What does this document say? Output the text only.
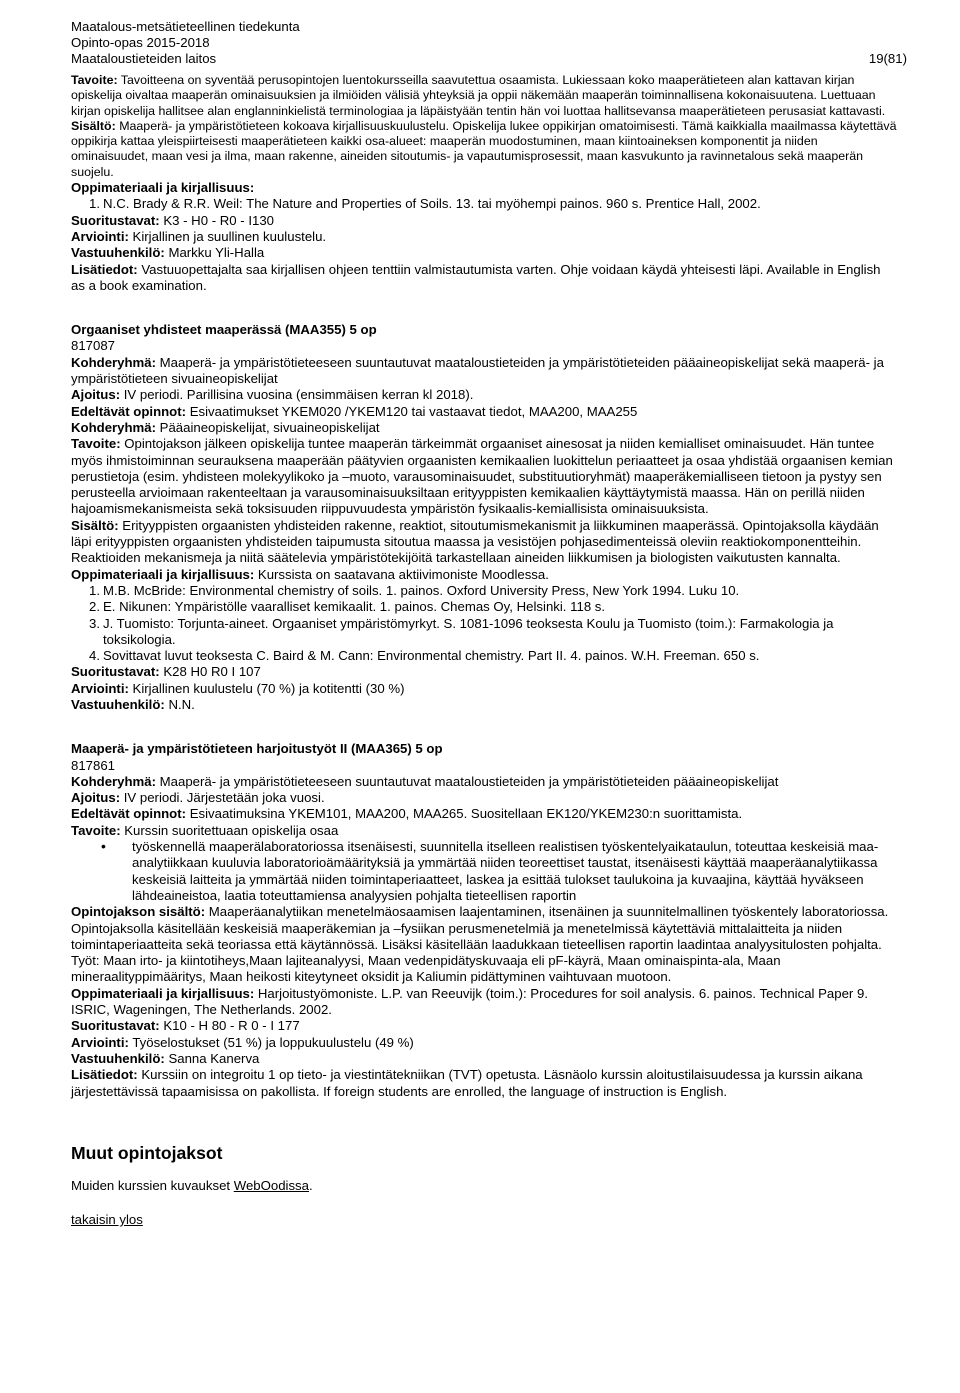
Maatalous-metsätieteellinen tiedekunta
Opinto-opas 2015-2018
Maataloustieteiden laitos	19(81)

Tavoite: Tavoitteena on syventää perusopintojen luentokursseilla saavutettua osaamista. Lukiessaan koko maaperätieteen alan kattavan kirjan opiskelija oivaltaa maaperän ominaisuuksien ja ilmiöiden välisiä yhteyksiä ja oppii näkemään maaperän toiminnallisena kokonaisuutena. Luettuaan kirjan opiskelija hallitsee alan englanninkielistä terminologiaa ja läpäistyään tentin hän voi luottaa hallitsevansa maaperätieteen perusasiat kattavasti.

Sisältö: Maaperä- ja ympäristötieteen kokoava kirjallisuuskuulustelu. Opiskelija lukee oppikirjan omatoimisesti. Tämä kaikkialla maailmassa käytettävä oppikirja kattaa yleispiirteisesti maaperätieteen kaikki osa-alueet: maaperän muodostuminen, maan kiintoaineksen komponentit ja niiden ominaisuudet, maan vesi ja ilma, maan rakenne, aineiden sitoutumis- ja vapautumisprosessit, maan kasvukunto ja ravinnetalous sekä maaperän suojelu.

Oppimateriaali ja kirjallisuus:

1. N.C. Brady & R.R. Weil: The Nature and Properties of Soils. 13. tai myöhempi painos. 960 s. Prentice Hall, 2002.

Suoritustavat: K3 - H0 - R0 - I130

Arviointi: Kirjallinen ja suullinen kuulustelu.

Vastuuhenkilö: Markku Yli-Halla

Lisätiedot: Vastuuopettajalta saa kirjallisen ohjeen tenttiin valmistautumista varten. Ohje voidaan käydä yhteisesti läpi. Available in English as a book examination.

Orgaaniset yhdisteet maaperässä (MAA355) 5 op

817087

Kohderyhmä: Maaperä- ja ympäristötieteeseen suuntautuvat maataloustieteiden ja ympäristötieteiden pääaineopiskelijat sekä maaperä- ja ympäristötieteen sivuaineopiskelijat

Ajoitus: IV periodi. Parillisina vuosina (ensimmäisen kerran kl 2018).

Edeltävät opinnot: Esivaatimukset YKEM020 /YKEM120 tai vastaavat tiedot, MAA200, MAA255

Kohderyhmä: Pääaineopiskelijat, sivuaineopiskelijat

Tavoite: Opintojakson jälkeen opiskelija tuntee maaperän tärkeimmät orgaaniset ainesosat ja niiden kemialliset ominaisuudet. Hän tuntee myös ihmistoiminnan seurauksena maaperään päätyvien orgaanisten kemikaalien luokittelun periaatteet ja osaa yhdistää orgaanisen kemian perustietoja (esim. yhdisteen molekyylikoko ja –muoto, varausominaisuudet, substituutioryhmät) maaperäkemialliseen tietoon ja pystyy sen perusteella arvioimaan rakenteeltaan ja varausominaisuuksiltaan erityyppisten kemikaalien käyttäytymistä maassa. Hän on perillä niiden hajoamismekanismeista sekä toksisuuden riippuvuudesta ympäristön fysikaalis-kemiallisista ominaisuuksista.

Sisältö: Erityyppisten orgaanisten yhdisteiden rakenne, reaktiot, sitoutumismekanismit ja liikkuminen maaperässä. Opintojaksolla käydään läpi erityyppisten orgaanisten yhdisteiden taipumusta sitoutua maassa ja vesistöjen pohjasedimenteissä oleviin reaktiokomponentteihin. Reaktioiden mekanismeja ja niitä säätelevia ympäristötekijöitä tarkastellaan aineiden liikkumisen ja biologisten vaikutusten kannalta.

Oppimateriaali ja kirjallisuus: Kurssista on saatavana aktiivimoniste Moodlessa.

1. M.B. McBride: Environmental chemistry of soils. 1. painos. Oxford University Press, New York 1994. Luku 10.
2. E. Nikunen: Ympäristölle vaaralliset kemikaalit. 1. painos. Chemas Oy, Helsinki. 118 s.
3. J. Tuomisto: Torjunta-aineet. Orgaaniset ympäristömyrkyt. S. 1081-1096 teoksesta Koulu ja Tuomisto (toim.): Farmakologia ja toksikologia.
4. Sovittavat luvut teoksesta C. Baird & M. Cann: Environmental chemistry. Part II. 4. painos. W.H. Freeman. 650 s.

Suoritustavat: K28 H0 R0 I 107

Arviointi: Kirjallinen kuulustelu (70 %) ja kotitentti (30 %)

Vastuuhenkilö: N.N.

Maaperä- ja ympäristötieteen harjoitustyöt II (MAA365) 5 op

817861

Kohderyhmä: Maaperä- ja ympäristötieteeseen suuntautuvat maataloustieteiden ja ympäristötieteiden pääaineopiskelijat

Ajoitus: IV periodi. Järjestetään joka vuosi.

Edeltävät opinnot: Esivaatimuksina YKEM101, MAA200, MAA265. Suositellaan EK120/YKEM230:n suorittamista.

Tavoite: Kurssin suoritettuaan opiskelija osaa

• työskennellä maaperälaboratoriossa itsenäisesti, suunnitella itselleen realistisen työskentelyaikataulun, toteuttaa keskeisiä maa-analytiikkaan kuuluvia laboratorioämäärityksiä ja ymmärtää niiden teoreettiset taustat, itsenäisesti käyttää maaperäanalytiikassa keskeisiä laitteita ja ymmärtää niiden toimintaperiaatteet, laskea ja esittää tulokset taulukoina ja kuvaajina, käyttää hyväkseen lähdeaineistoa, laatia toteuttamiensa analyysien pohjalta tieteellisen raportin

Opintojakson sisältö: Maaperäanalytiikan menetelmäosaamisen laajentaminen, itsenäinen ja suunnitelmallinen työskentely laboratoriossa. Opintojaksolla käsitellään keskeisiä maaperäkemian ja –fysiikan perusmenetelmiä ja menetelmissä käytettäviä mittalaitteita ja niiden toimintaperiaatteita sekä teoriassa että käytännössä. Lisäksi käsitellään laadukkaan tieteellisen raportin laadintaa analyysitulosten pohjalta. Työt: Maan irto- ja kiintotiheys,Maan lajiteanalyysi, Maan vedenpidätyskuvaaja eli pF-käyrä, Maan ominaispinta-ala, Maan mineraalityppimääritys, Maan heikosti kiteytyneet oksidit ja Kaliumin pidättyminen vaihtuvaan muotoon.

Oppimateriaali ja kirjallisuus: Harjoitustyömoniste. L.P. van Reeuvijk (toim.): Procedures for soil analysis. 6. painos. Technical Paper 9. ISRIC, Wageningen, The Netherlands. 2002.

Suoritustavat: K10 - H 80 - R 0 - I 177

Arviointi: Työselostukset (51 %) ja loppukuulustelu (49 %)

Vastuuhenkilö: Sanna Kanerva

Lisätiedot: Kurssiin on integroitu 1 op tieto- ja viestintätekniikan (TVT) opetusta. Läsnäolo kurssin aloitustilaisuudessa ja kurssin aikana järjestettävissä tapaamisissa on pakollista. If foreign students are enrolled, the language of instruction is English.

Muut opintojaksot

Muiden kurssien kuvaukset WebOodissa.

takaisin ylos
